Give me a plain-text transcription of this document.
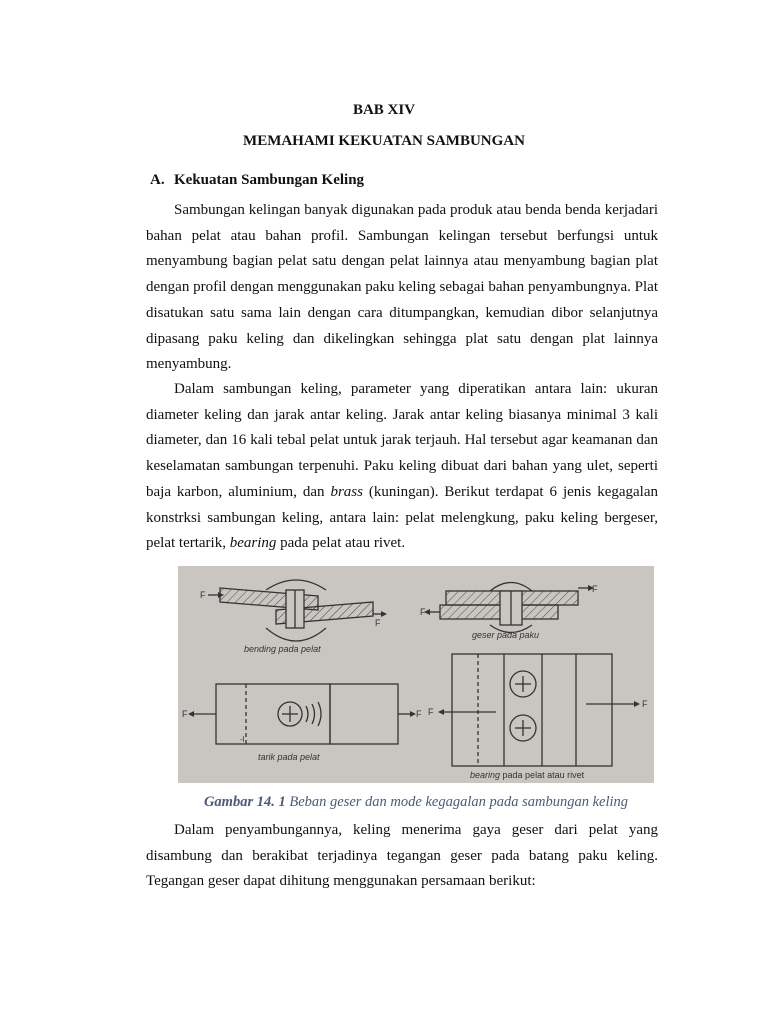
BAB XIV
MEMAHAMI KEKUATAN SAMBUNGAN
A. Kekuatan Sambungan Keling

Sambungan kelingan banyak digunakan pada produk atau benda benda kerjadari bahan pelat atau bahan profil. Sambungan kelingan tersebut berfungsi untuk menyambung bagian pelat satu dengan pelat lainnya atau menyambung bagian plat dengan profil dengan menggunakan paku keling sebagai bahan penyambungnya. Plat disatukan satu sama lain dengan cara ditumpangkan, kemudian dibor selanjutnya dipasang paku keling dan dikelingkan sehingga plat satu dengan plat lainnya menyambung.

Dalam sambungan keling, parameter yang diperatikan antara lain: ukuran diameter keling dan jarak antar keling. Jarak antar keling biasanya minimal 3 kali diameter, dan 16 kali tebal pelat untuk jarak terjauh. Hal tersebut agar keamanan dan keselamatan sambungan terpenuhi. Paku keling dibuat dari bahan yang ulet, seperti baja karbon, aluminium, dan brass (kuningan). Berikut terdapat 6 jenis kegagalan konstrksi sambungan keling, antara lain: pelat melengkung, paku keling bergeser, pelat tertarik, bearing pada pelat atau rivet.

F
F
bending pada pelat
F
F
geser pada paku
F	F
-l
tarik pada pelat
F
F
bearing pada pelat atau rivet
Gambar 14. 1 Beban geser dan mode kegagalan pada sambungan keling

Dalam penyambungannya, keling menerima gaya geser dari pelat yang disambung dan berakibat terjadinya tegangan geser pada batang paku keling. Tegangan geser dapat dihitung menggunakan persamaan berikut:
